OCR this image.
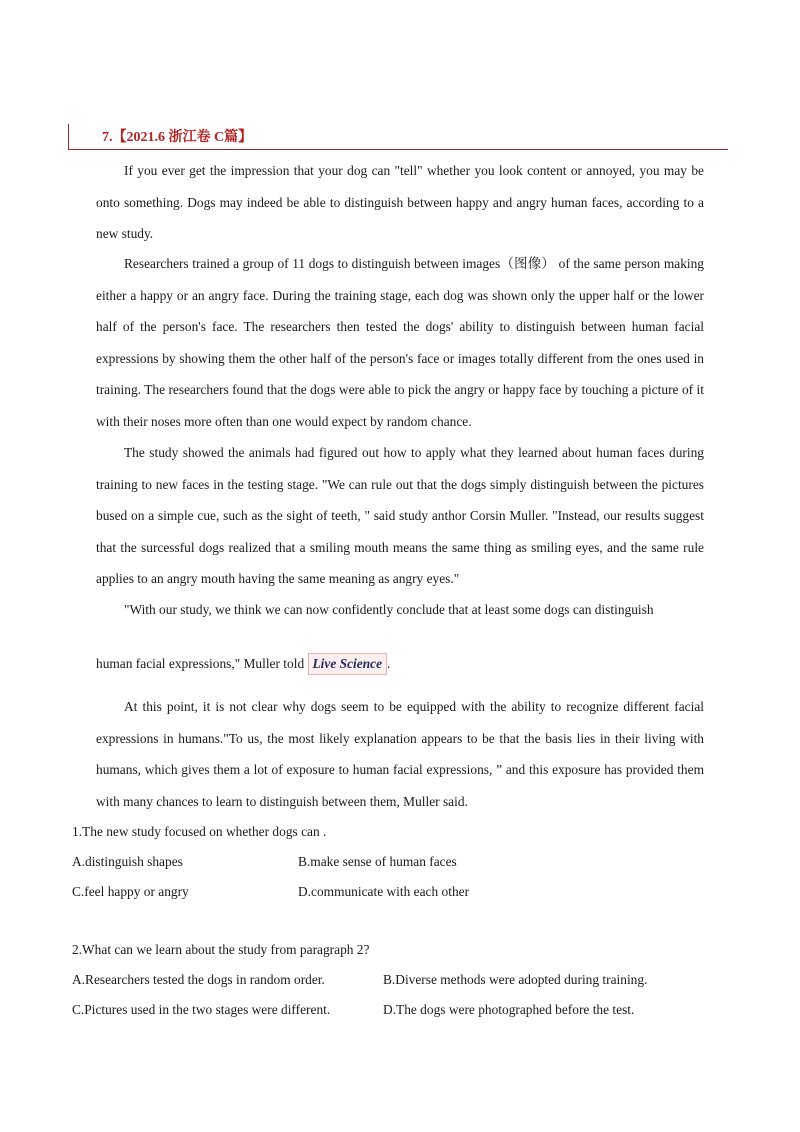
7.【2021.6 浙江卷 C篇】

If you ever get the impression that your dog can "tell" whether you look content or annoyed, you may be onto something. Dogs may indeed be able to distinguish between happy and angry human faces, according to a new study.

Researchers trained a group of 11 dogs to distinguish between images（图像） of the same person making either a happy or an angry face. During the training stage, each dog was shown only the upper half or the lower half of the person's face. The researchers then tested the dogs' ability to distinguish between human facial expressions by showing them the other half of the person's face or images totally different from the ones used in training. The researchers found that the dogs were able to pick the angry or happy face by touching a picture of it with their noses more often than one would expect by random chance.

The study showed the animals had figured out how to apply what they learned about human faces during training to new faces in the testing stage. "We can rule out that the dogs simply distinguish between the pictures bused on a simple cue, such as the sight of teeth, " said study anthor Corsin Muller. "Instead, our results suggest that the surcessful dogs realized that a smiling mouth means the same thing as smiling eyes, and the same rule applies to an angry mouth having the same meaning as angry eyes."

"With our study, we think we can now confidently conclude that at least some dogs can distinguish
human facial expressions," Muller told Live Science .

At this point, it is not clear why dogs seem to be equipped with the ability to recognize different facial expressions in humans."To us, the most likely explanation appears to be that the basis lies in their living with humans, which gives them a lot of exposure to human facial expressions, ” and this exposure has provided them with many chances to learn to distinguish between them, Muller said.

1.The new study focused on whether dogs can .

A.distinguish shapes	B.make sense of human faces
C.feel happy or angry	D.communicate with each other

2.What can we learn about the study from paragraph 2?

A.Researchers tested the dogs in random order.	B.Diverse methods were adopted during training.
C.Pictures used in the two stages were different.	D.The dogs were photographed before the test.
